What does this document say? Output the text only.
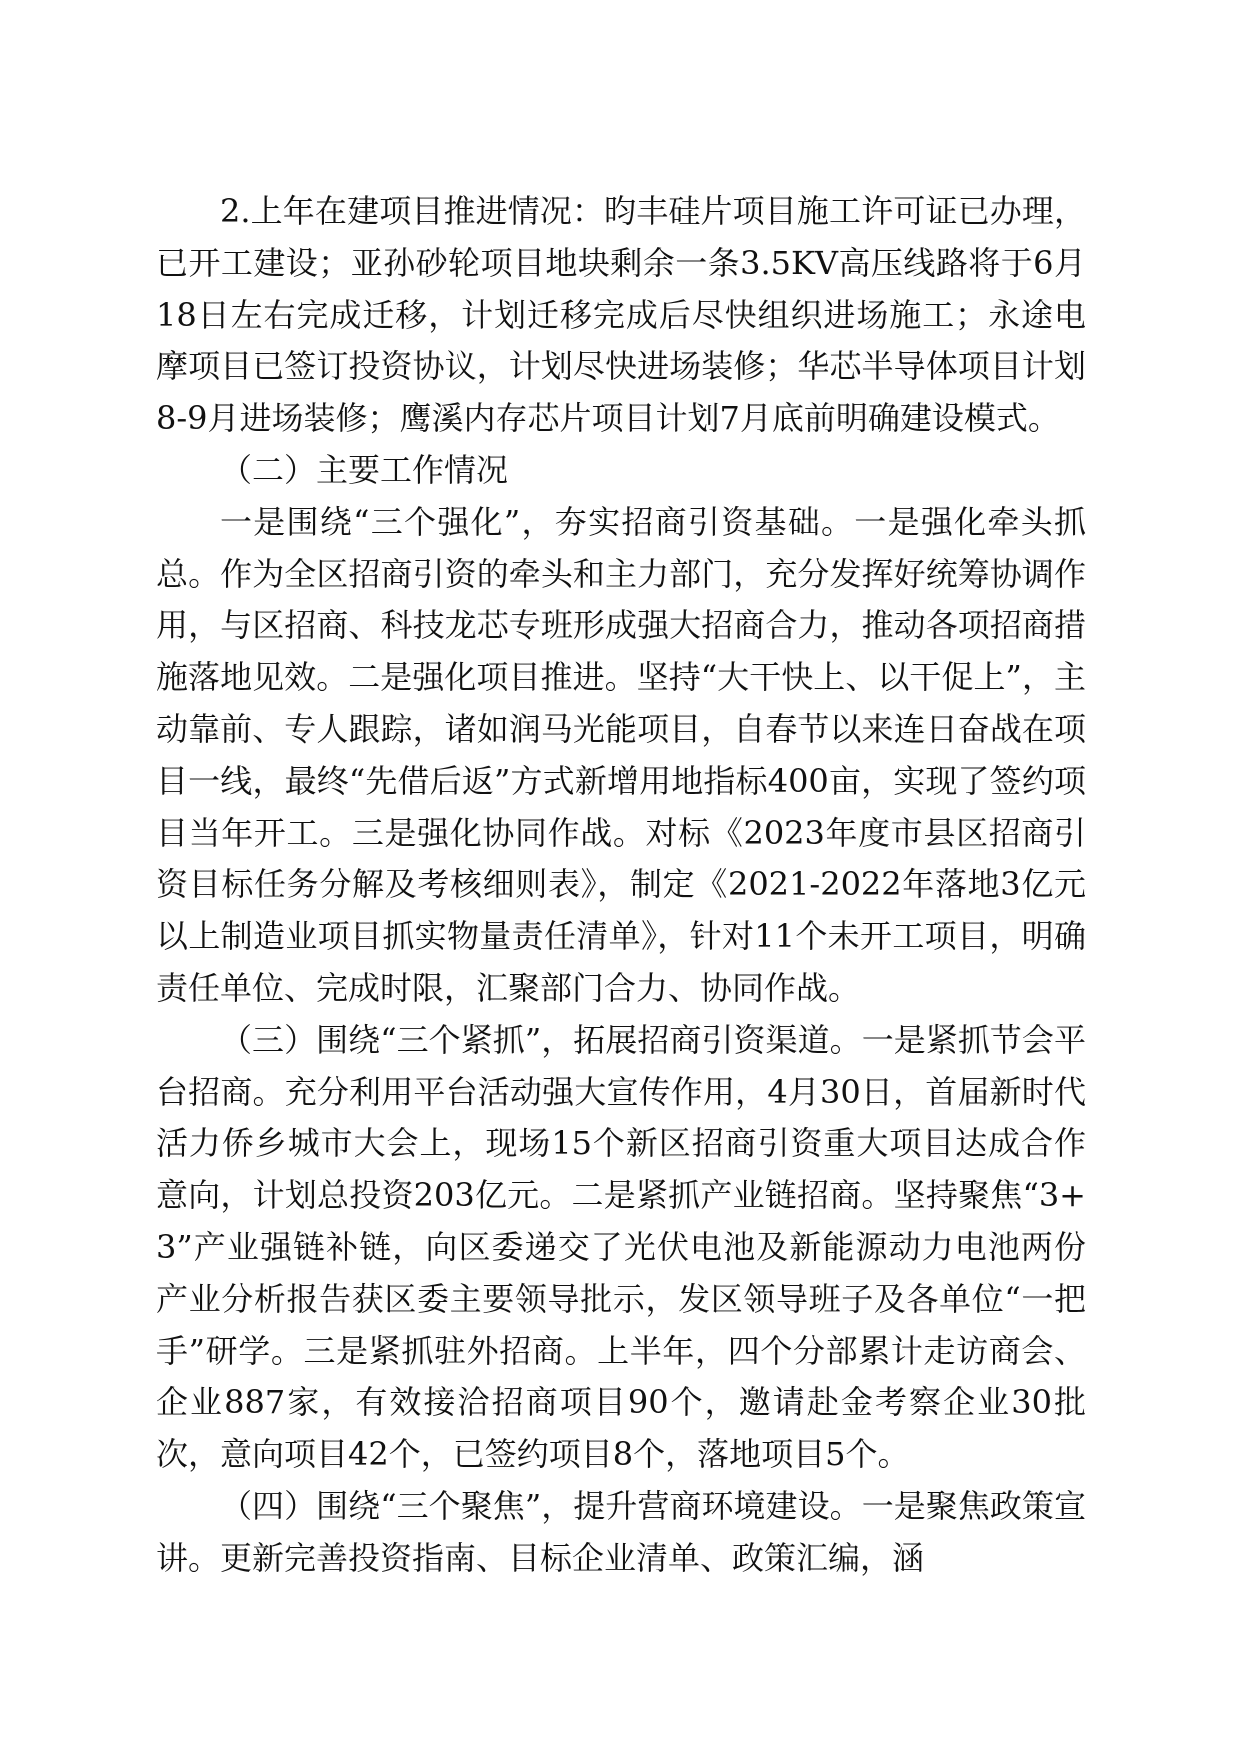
2.上年在建项目推进情况：昀丰硅片项目施工许可证已办理，已开工建设；亚孙砂轮项目地块剩余一条3.5KV高压线路将于6月18日左右完成迁移，计划迁移完成后尽快组织进场施工；永途电摩项目已签订投资协议，计划尽快进场装修；华芯半导体项目计划8-9月进场装修；鹰溪内存芯片项目计划7月底前明确建设模式。

（二）主要工作情况

一是围绕“三个强化”，夯实招商引资基础。一是强化牵头抓总。作为全区招商引资的牵头和主力部门，充分发挥好统筹协调作用，与区招商、科技龙芯专班形成强大招商合力，推动各项招商措施落地见效。二是强化项目推进。坚持“大干快上、以干促上”，主动靠前、专人跟踪，诸如润马光能项目，自春节以来连日奋战在项目一线，最终“先借后返”方式新增用地指标400亩，实现了签约项目当年开工。三是强化协同作战。对标《2023年度市县区招商引资目标任务分解及考核细则表》，制定《2021-2022年落地3亿元以上制造业项目抓实物量责任清单》，针对11个未开工项目，明确责任单位、完成时限，汇聚部门合力、协同作战。

（三）围绕“三个紧抓”，拓展招商引资渠道。一是紧抓节会平台招商。充分利用平台活动强大宣传作用，4月30日，首届新时代活力侨乡城市大会上，现场15个新区招商引资重大项目达成合作意向，计划总投资203亿元。二是紧抓产业链招商。坚持聚焦“3+3”产业强链补链，向区委递交了光伏电池及新能源动力电池两份产业分析报告获区委主要领导批示，发区领导班子及各单位“一把手”研学。三是紧抓驻外招商。上半年，四个分部累计走访商会、企业887家，有效接洽招商项目90个，邀请赴金考察企业30批次，意向项目42个，已签约项目8个，落地项目5个。

（四）围绕“三个聚焦”，提升营商环境建设。一是聚焦政策宣讲。更新完善投资指南、目标企业清单、政策汇编，涵
